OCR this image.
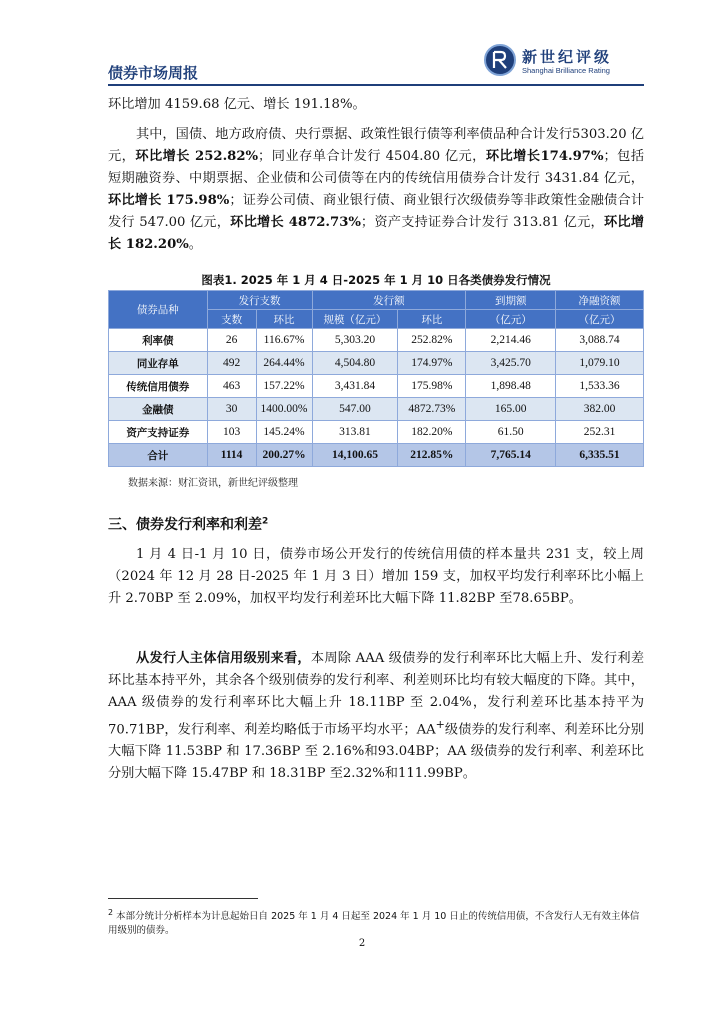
债券市场周报
新世纪评级
Shanghai Brilliance Rating

环比增加 4159.68 亿元、增长 191.18%。

其中，国债、地方政府债、央行票据、政策性银行债等利率债品种合计发行5303.20 亿元，环比增长 252.82%；同业存单合计发行 4504.80 亿元，环比增长174.97%；包括短期融资券、中期票据、企业债和公司债等在内的传统信用债券合计发行 3431.84 亿元，环比增长 175.98%；证券公司债、商业银行债、商业银行次级债券等非政策性金融债合计发行 547.00 亿元，环比增长 4872.73%；资产支持证券合计发行 313.81 亿元，环比增长 182.20%。

图表1. 2025 年 1 月 4 日-2025 年 1 月 10 日各类债券发行情况
债券品种	发行支数		发行额		到期额	净融资额
	支数	环比	规模（亿元）	环比	（亿元）	（亿元）
利率债	26	116.67%	5,303.20	252.82%	2,214.46	3,088.74
同业存单	492	264.44%	4,504.80	174.97%	3,425.70	1,079.10
传统信用债券	463	157.22%	3,431.84	175.98%	1,898.48	1,533.36
金融债	30	1400.00%	547.00	4872.73%	165.00	382.00
资产支持证券	103	145.24%	313.81	182.20%	61.50	252.31
合计	1114	200.27%	14,100.65	212.85%	7,765.14	6,335.51
数据来源：财汇资讯，新世纪评级整理
三、债券发行利率和利差$^2$

1 月 4 日-1 月 10 日，债券市场公开发行的传统信用债的样本量共 231 支，较上周（2024 年 12 月 28 日-2025 年 1 月 3 日）增加 159 支，加权平均发行利率环比小幅上升 2.70BP 至 2.09%，加权平均发行利差环比大幅下降 11.82BP 至78.65BP。

从发行人主体信用级别来看，本周除 AAA 级债券的发行利率环比大幅上升、发行利差环比基本持平外，其余各个级别债券的发行利率、利差则环比均有较大幅度的下降。其中，AAA 级债券的发行利率环比大幅上升 18.11BP 至 2.04%，发行利差环比基本持平为 70.71BP，发行利率、利差均略低于市场平均水平；AA+级债券的发行利率、利差环比分别大幅下降 11.53BP 和 17.36BP 至 2.16%和93.04BP；AA 级债券的发行利率、利差环比分别大幅下降 15.47BP 和 18.31BP 至2.32%和111.99BP。

$^2$ 本部分统计分析样本为计息起始日自 2025 年 1 月 4 日起至 2024 年 1 月 10 日止的传统信用债，不含发行人无有效主体信用级别的债券。
2
